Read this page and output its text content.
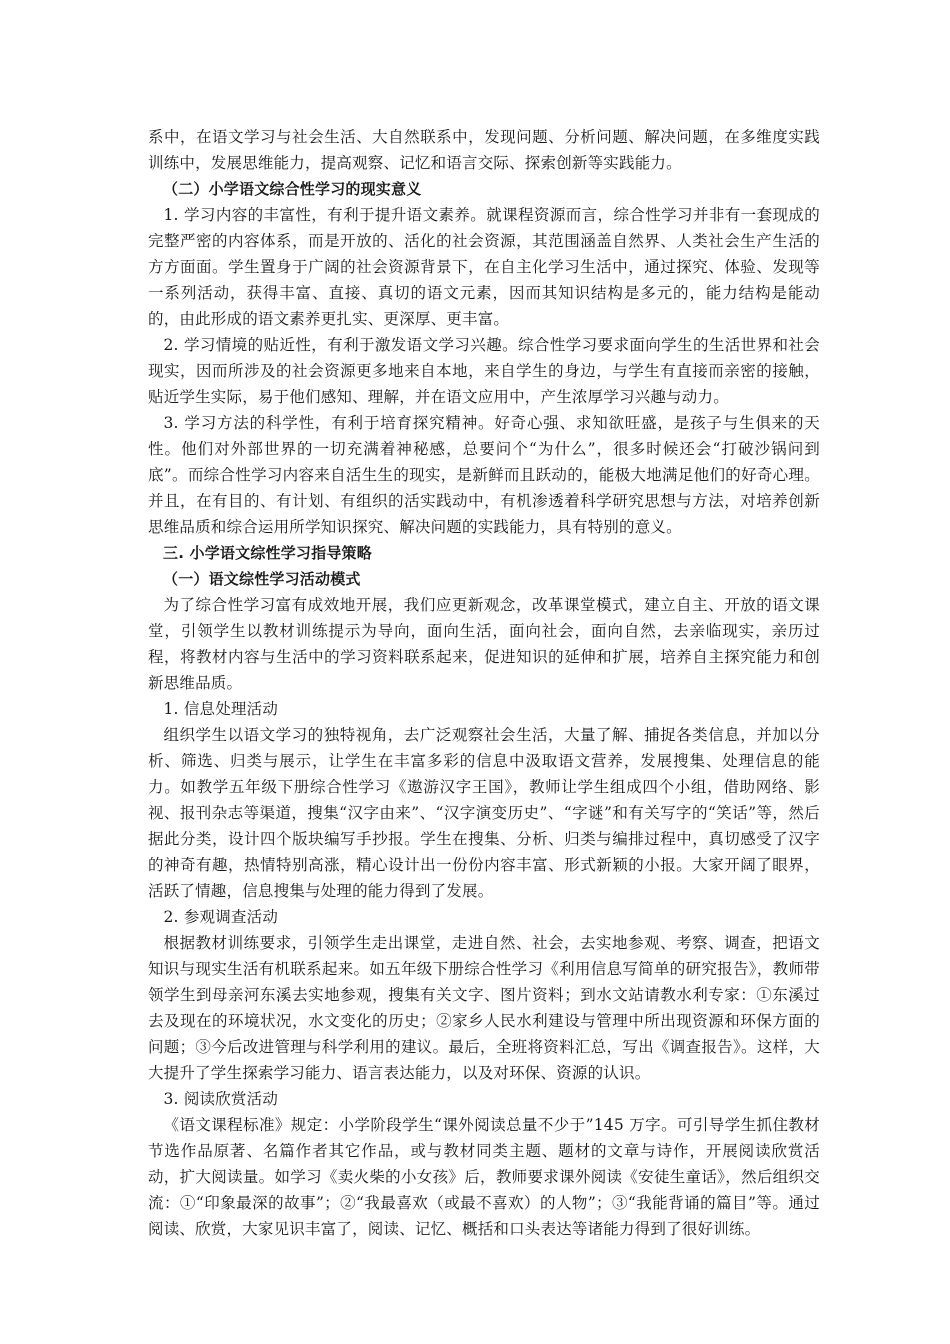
系中，在语文学习与社会生活、大自然联系中，发现问题、分析问题、解决问题，在多维度实践训练中，发展思维能力，提高观察、记忆和语言交际、探索创新等实践能力。

（二）小学语文综合性学习的现实意义

1. 学习内容的丰富性，有利于提升语文素养。就课程资源而言，综合性学习并非有一套现成的完整严密的内容体系，而是开放的、活化的社会资源，其范围涵盖自然界、人类社会生产生活的方方面面。学生置身于广阔的社会资源背景下，在自主化学习生活中，通过探究、体验、发现等一系列活动，获得丰富、直接、真切的语文元素，因而其知识结构是多元的，能力结构是能动的，由此形成的语文素养更扎实、更深厚、更丰富。

2. 学习情境的贴近性，有利于激发语文学习兴趣。综合性学习要求面向学生的生活世界和社会现实，因而所涉及的社会资源更多地来自本地，来自学生的身边，与学生有直接而亲密的接触，贴近学生实际，易于他们感知、理解，并在语文应用中，产生浓厚学习兴趣与动力。

3. 学习方法的科学性，有利于培育探究精神。好奇心强、求知欲旺盛，是孩子与生俱来的天性。他们对外部世界的一切充满着神秘感，总要问个“为什么”，很多时候还会“打破沙锅问到底”。而综合性学习内容来自活生生的现实，是新鲜而且跃动的，能极大地满足他们的好奇心理。并且，在有目的、有计划、有组织的活实践动中，有机渗透着科学研究思想与方法，对培养创新思维品质和综合运用所学知识探究、解决问题的实践能力，具有特别的意义。

三. 小学语文综性学习指导策略

（一）语文综性学习活动模式

为了综合性学习富有成效地开展，我们应更新观念，改革课堂模式，建立自主、开放的语文课堂，引领学生以教材训练提示为导向，面向生活，面向社会，面向自然，去亲临现实，亲历过程，将教材内容与生活中的学习资料联系起来，促进知识的延伸和扩展，培养自主探究能力和创新思维品质。

1. 信息处理活动

组织学生以语文学习的独特视角，去广泛观察社会生活，大量了解、捕捉各类信息，并加以分析、筛选、归类与展示，让学生在丰富多彩的信息中汲取语文营养，发展搜集、处理信息的能力。如教学五年级下册综合性学习《遨游汉字王国》，教师让学生组成四个小组，借助网络、影视、报刊杂志等渠道，搜集“汉字由来”、“汉字演变历史”、“字谜”和有关写字的“笑话”等，然后据此分类，设计四个版块编写手抄报。学生在搜集、分析、归类与编排过程中，真切感受了汉字的神奇有趣，热情特别高涨，精心设计出一份份内容丰富、形式新颖的小报。大家开阔了眼界，活跃了情趣，信息搜集与处理的能力得到了发展。

2. 参观调查活动

根据教材训练要求，引领学生走出课堂，走进自然、社会，去实地参观、考察、调查，把语文知识与现实生活有机联系起来。如五年级下册综合性学习《利用信息写简单的研究报告》，教师带领学生到母亲河东溪去实地参观，搜集有关文字、图片资料；到水文站请教水利专家：①东溪过去及现在的环境状况，水文变化的历史；②家乡人民水利建设与管理中所出现资源和环保方面的问题；③今后改进管理与科学利用的建议。最后，全班将资料汇总，写出《调查报告》。这样，大大提升了学生探索学习能力、语言表达能力，以及对环保、资源的认识。

3. 阅读欣赏活动

《语文课程标准》规定：小学阶段学生“课外阅读总量不少于”145 万字。可引导学生抓住教材节选作品原著、名篇作者其它作品，或与教材同类主题、题材的文章与诗作，开展阅读欣赏活动，扩大阅读量。如学习《卖火柴的小女孩》后，教师要求课外阅读《安徒生童话》，然后组织交流：①“印象最深的故事”；②“我最喜欢（或最不喜欢）的人物”；③“我能背诵的篇目”等。通过阅读、欣赏，大家见识丰富了，阅读、记忆、概括和口头表达等诸能力得到了很好训练。
